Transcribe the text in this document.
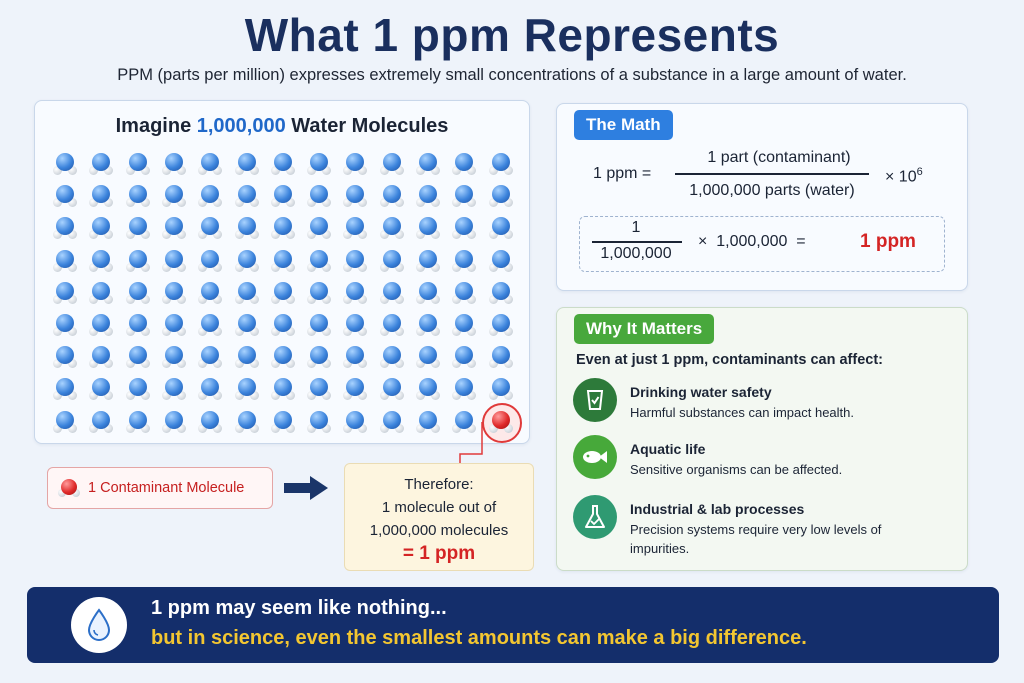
What 1 ppm Represents
PPM (parts per million) expresses extremely small concentrations of a substance in a large amount of water.
Imagine 1,000,000 Water Molecules
1 Contaminant Molecule	Therefore:
1 molecule out of
1,000,000 molecules
= 1 ppm
The Math
1 ppm =
1 part (contaminant)
1,000,000 parts (water)
× $10^6$
1
1,000,000
×  1,000,000  =	1 ppm
Why It Matters
Even at just 1 ppm, contaminants can affect:
Drinking water safety
Harmful substances can impact health.
Aquatic life
Sensitive organisms can be affected.
Industrial & lab processes
Precision systems require very low levels of impurities.
1 ppm may seem like nothing...
but in science, even the smallest amounts can make a big difference.
